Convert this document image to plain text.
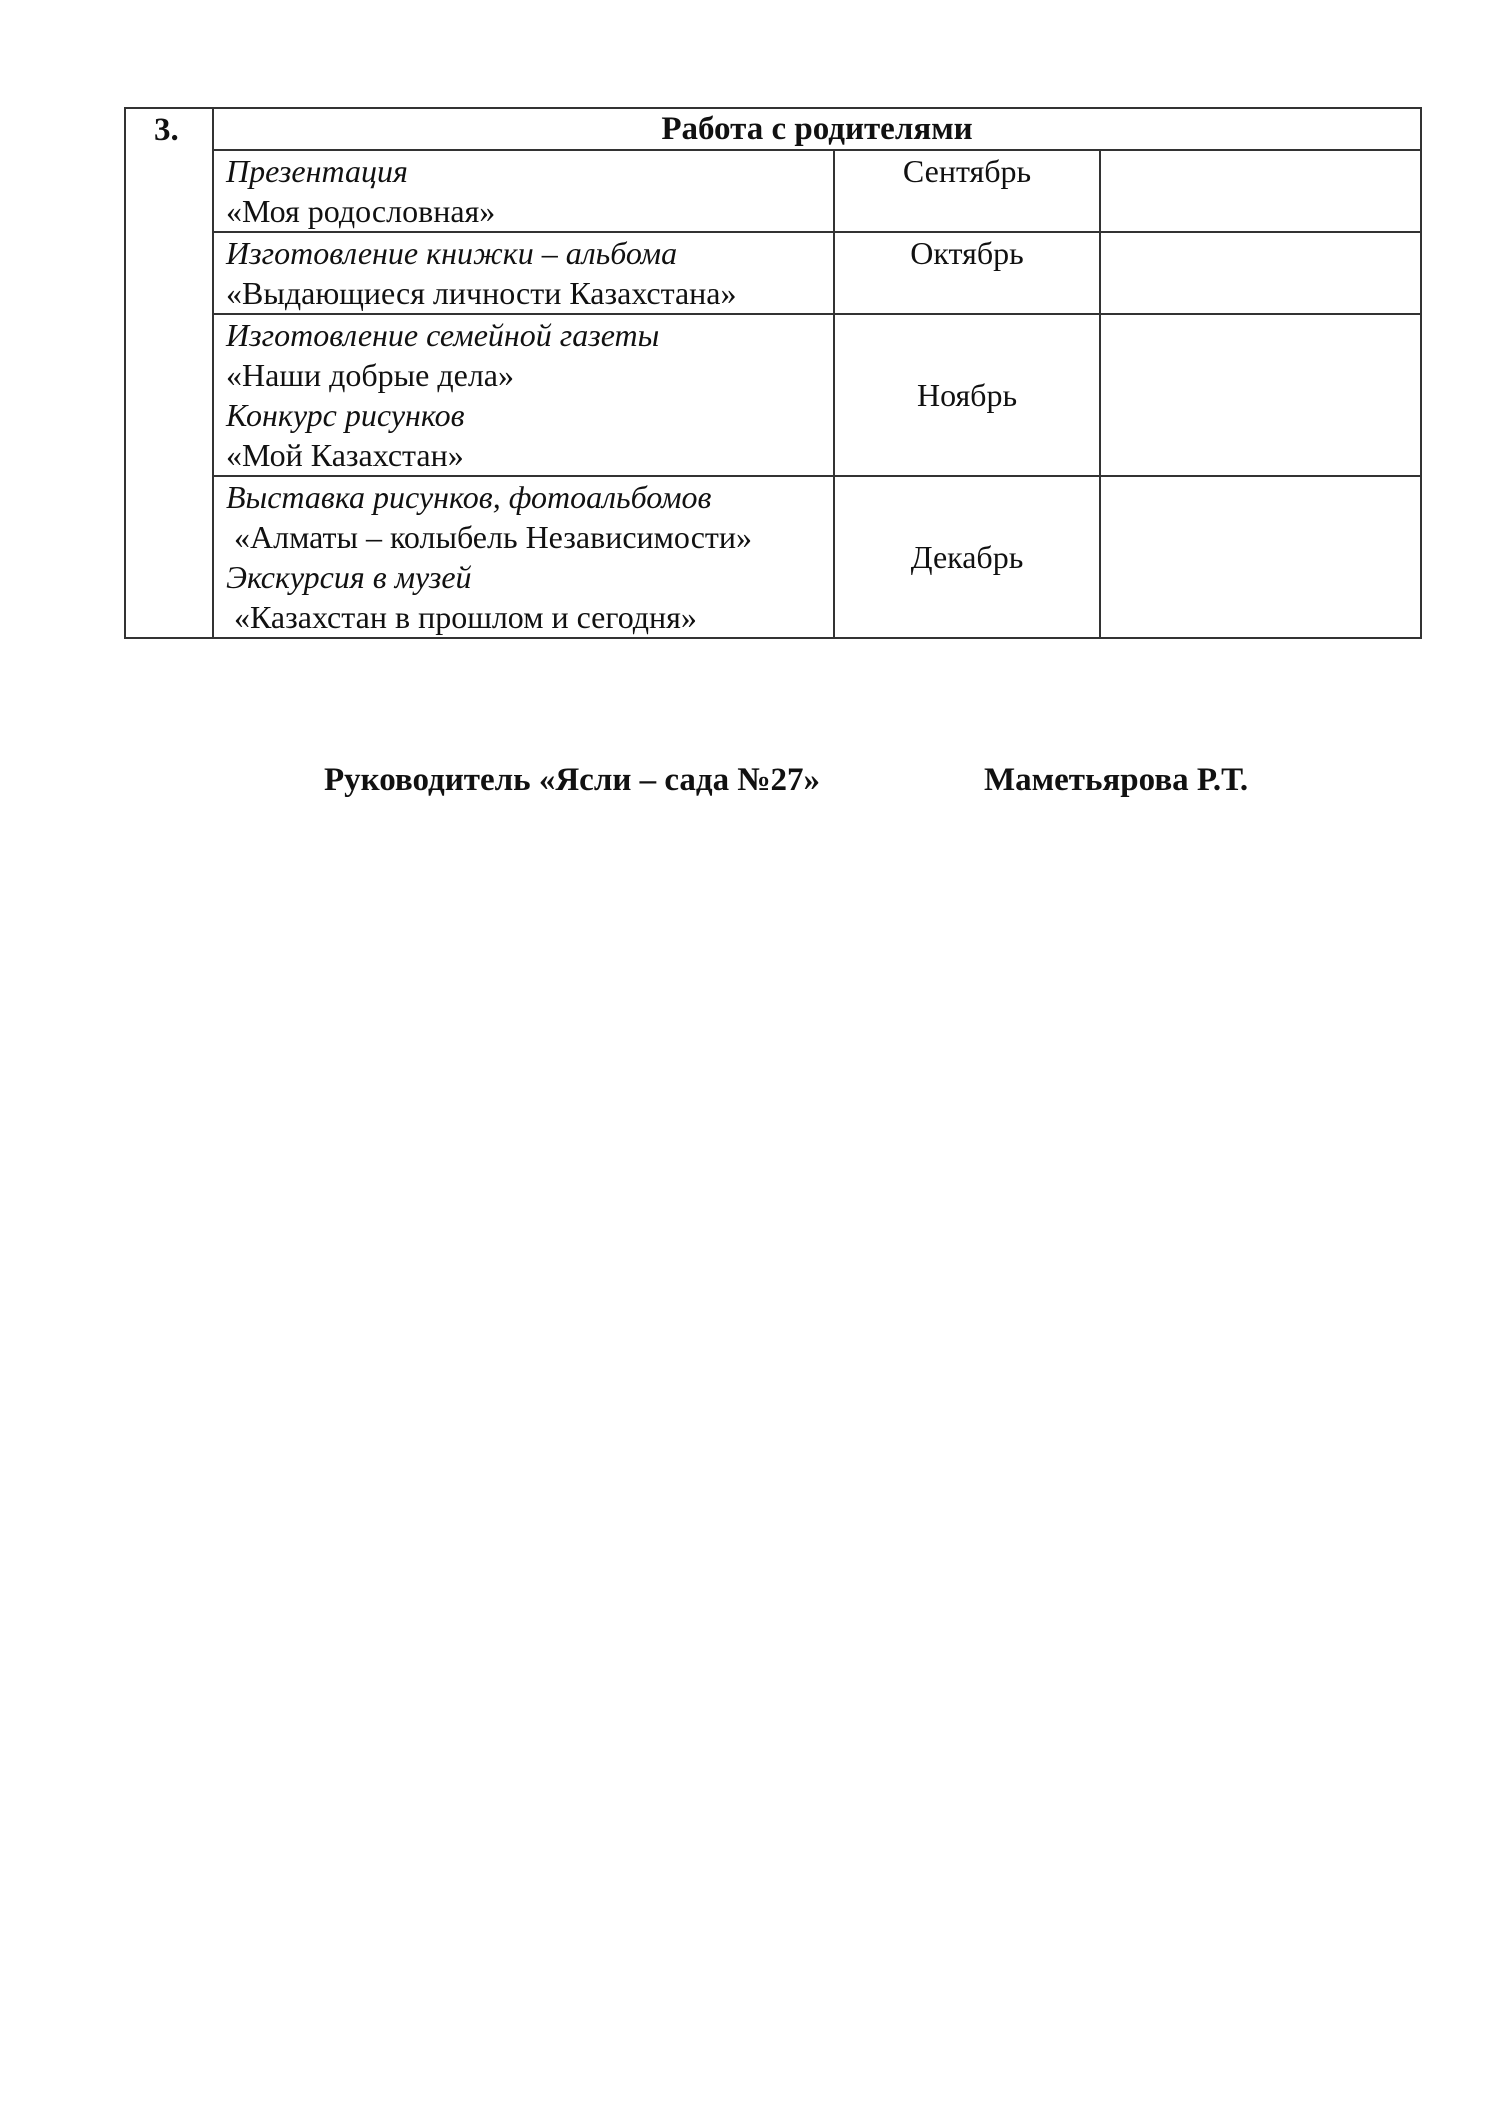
3.	Работа с родителями		

	Презентация
«Моя родословная»	Сентябрь	

	Изготовление книжки – альбома
«Выдающиеся личности Казахстана»	Октябрь	

	Изготовление семейной газеты
«Наши добрые дела»
Конкурс рисунков
«Мой Казахстан»	Ноябрь	

	Выставка рисунков, фотоальбомов
«Алматы – колыбель Независимости»
Экскурсия в музей
«Казахстан в прошлом и сегодня»	Декабрь	
Руководитель «Ясли – сада №27»	Маметьярова Р.Т.
